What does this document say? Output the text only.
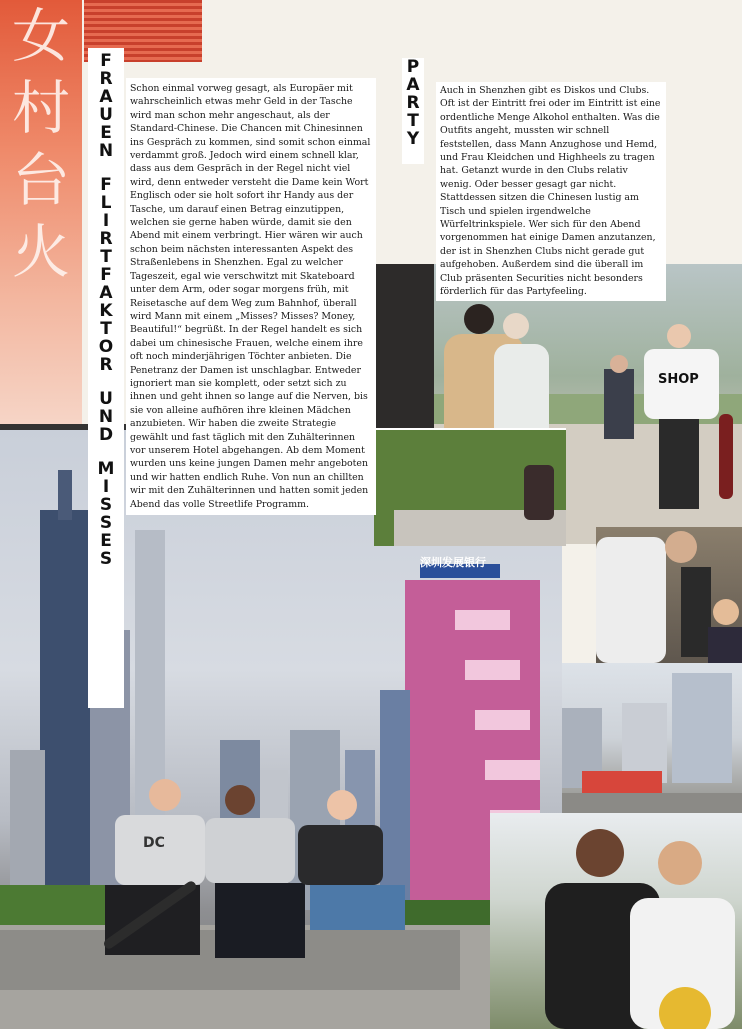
女
村
台
火
深圳发展银行
DC
SHOP
F
R
A
U
E
N
F
L
I
R
T
F
A
K
T
O
R
U
N
D
M
I
S
S
E
S
P
A
R
T
Y
Schon einmal vorweg gesagt, als Europäer mit wahrscheinlich etwas mehr Geld in der Tasche wird man schon mehr angeschaut, als der Standard-Chinese. Die Chancen mit Chinesinnen ins Gespräch zu kommen, sind somit schon einmal verdammt groß. Jedoch wird einem schnell klar, dass aus dem Gespräch in der Regel nicht viel wird, denn entweder versteht die Dame kein Wort Englisch oder sie holt sofort ihr Handy aus der Tasche, um darauf einen Betrag einzutippen, welchen sie gerne haben würde, damit sie den Abend mit einem verbringt. Hier wären wir auch schon beim nächsten interessanten Aspekt des Straßenlebens in Shenzhen. Egal zu welcher Tageszeit, egal wie verschwitzt mit Skateboard unter dem Arm, oder sogar morgens früh, mit Reisetasche auf dem Weg zum Bahnhof, überall wird Mann mit einem „Misses? Misses? Money, Beautiful!“ begrüßt. In der Regel handelt es sich dabei um chinesische Frauen, welche einem ihre oft noch minderjährigen Töchter anbieten. Die Penetranz der Damen ist unschlagbar. Entweder ignoriert man sie komplett, oder setzt sich zu ihnen und geht ihnen so lange auf die Nerven, bis sie von alleine aufhören ihre kleinen Mädchen anzubieten. Wir haben die zweite Strategie gewählt und fast täglich mit den Zuhälterinnen vor unserem Hotel abgehangen. Ab dem Moment wurden uns keine jungen Damen mehr angeboten und wir hatten endlich Ruhe. Von nun an chillten wir mit den Zuhälterinnen und hatten somit jeden Abend das volle Streetlife Programm.
Auch in Shenzhen gibt es Diskos und Clubs. Oft ist der Eintritt frei oder im Eintritt ist eine ordentliche Menge Alkohol enthalten. Was die Outfits angeht, mussten wir schnell feststellen, dass Mann Anzughose und Hemd, und Frau Kleidchen und Highheels zu tragen hat. Getanzt wurde in den Clubs relativ wenig. Oder besser gesagt gar nicht. Stattdessen sitzen die Chinesen lustig am Tisch und spielen irgendwelche Würfeltrinkspiele. Wer sich für den Abend vorgenommen hat einige Damen anzutanzen, der ist in Shenzhen Clubs nicht gerade gut aufgehoben. Außerdem sind die überall im Club präsenten Securities nicht besonders förderlich für das Partyfeeling.
